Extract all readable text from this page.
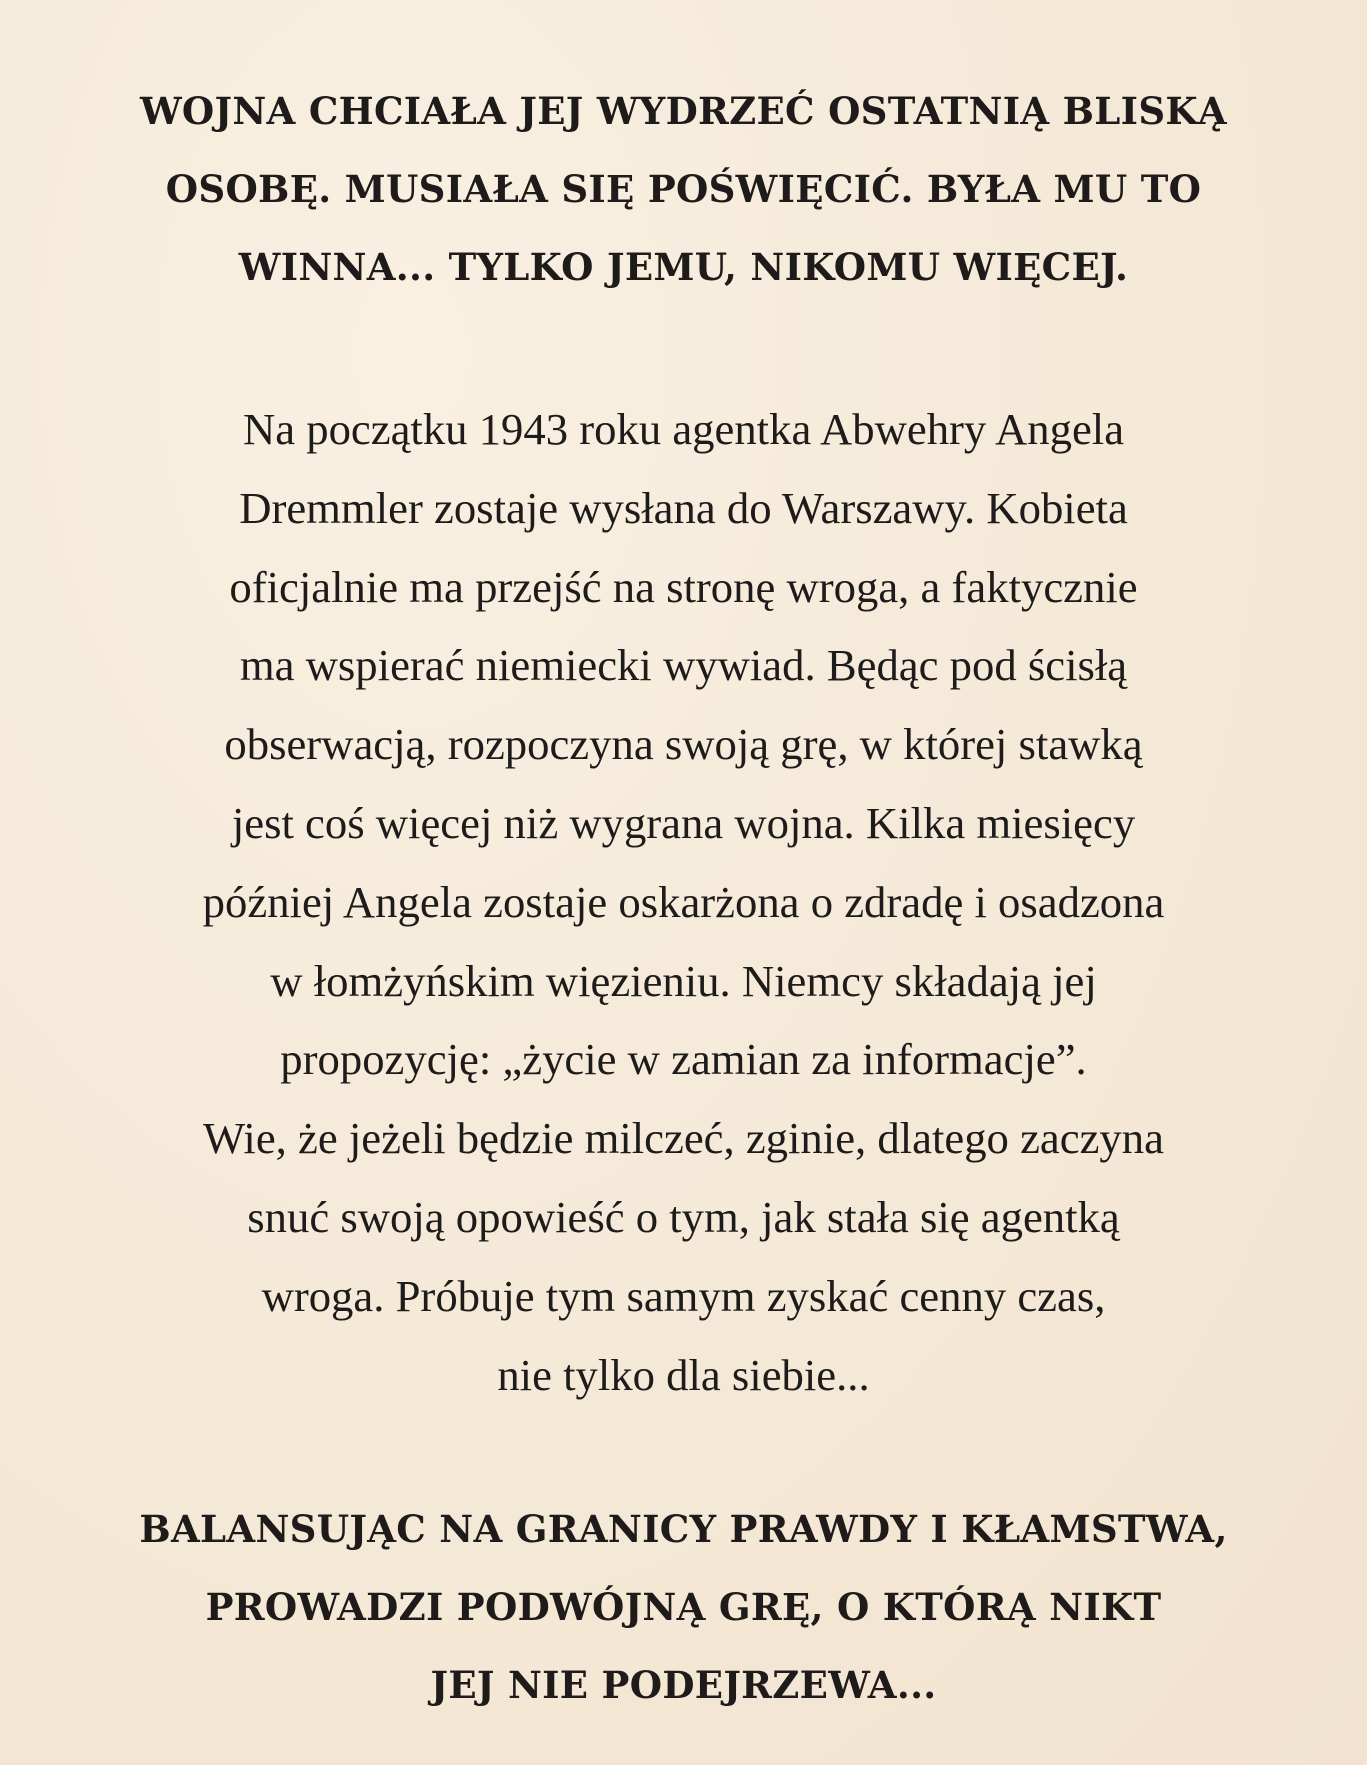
WOJNA CHCIAŁA JEJ WYDRZEĆ OSTATNIĄ BLISKĄ
OSOBĘ. MUSIAŁA SIĘ POŚWIĘCIĆ. BYŁA MU TO
WINNA... TYLKO JEMU, NIKOMU WIĘCEJ.
Na początku 1943 roku agentka Abwehry Angela
Dremmler zostaje wysłana do Warszawy. Kobieta
oficjalnie ma przejść na stronę wroga, a faktycznie
ma wspierać niemiecki wywiad. Będąc pod ścisłą
obserwacją, rozpoczyna swoją grę, w której stawką
jest coś więcej niż wygrana wojna. Kilka miesięcy
później Angela zostaje oskarżona o zdradę i osadzona
w łomżyńskim więzieniu. Niemcy składają jej
propozycję: „życie w zamian za informacje”.
Wie, że jeżeli będzie milczeć, zginie, dlatego zaczyna
snuć swoją opowieść o tym, jak stała się agentką
wroga. Próbuje tym samym zyskać cenny czas,
nie tylko dla siebie...
BALANSUJĄC NA GRANICY PRAWDY I KŁAMSTWA,
PROWADZI PODWÓJNĄ GRĘ, O KTÓRĄ NIKT
JEJ NIE PODEJRZEWA...
